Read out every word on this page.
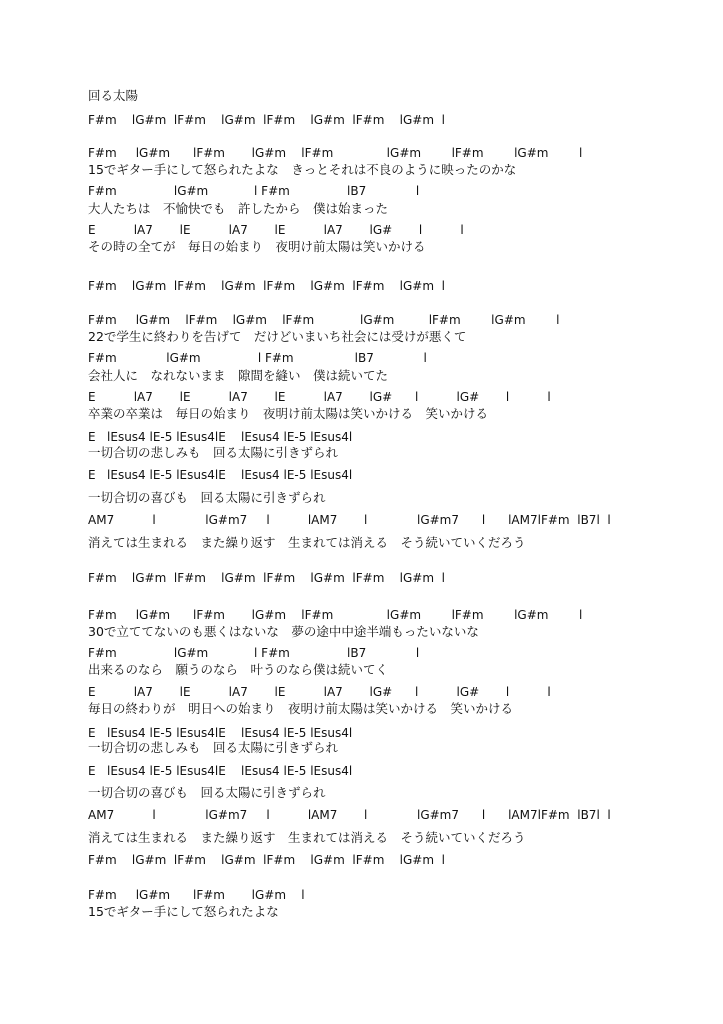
回る太陽
F#m    lG#m  lF#m    lG#m  lF#m    lG#m  lF#m    lG#m  l
F#m     lG#m      lF#m       lG#m    lF#m              lG#m        lF#m        lG#m        l
15でギター手にして怒られたよな　きっとそれは不良のように映ったのかな
F#m               lG#m            l F#m               lB7             l
大人たちは　不愉快でも　許したから　僕は始まった
E          lA7       lE          lA7       lE          lA7       lG#       l          l
その時の全てが　毎日の始まり　夜明け前太陽は笑いかける
F#m    lG#m  lF#m    lG#m  lF#m    lG#m  lF#m    lG#m  l
F#m     lG#m    lF#m    lG#m    lF#m            lG#m         lF#m        lG#m        l
22で学生に終わりを告げて　だけどいまいち社会には受けが悪くて
F#m             lG#m               l F#m                lB7             l
会社人に　なれないまま　隙間を縫い　僕は続いてた
E          lA7       lE          lA7       lE          lA7       lG#      l          lG#       l          l
卒業の卒業は　毎日の始まり　夜明け前太陽は笑いかける　笑いかける
E   lEsus4 lE-5 lEsus4lE    lEsus4 lE-5 lEsus4l
一切合切の悲しみも　回る太陽に引きずられ
E   lEsus4 lE-5 lEsus4lE    lEsus4 lE-5 lEsus4l
一切合切の喜びも　回る太陽に引きずられ
AM7          l             lG#m7     l          lAM7       l             lG#m7      l      lAM7lF#m  lB7l  l
消えては生まれる　また繰り返す　生まれては消える　そう続いていくだろう
F#m    lG#m  lF#m    lG#m  lF#m    lG#m  lF#m    lG#m  l
F#m     lG#m      lF#m       lG#m    lF#m              lG#m        lF#m        lG#m        l
30で立ててないのも悪くはないな　夢の途中中途半端もったいないな
F#m               lG#m            l F#m               lB7             l
出来るのなら　願うのなら　叶うのなら僕は続いてく
E          lA7       lE          lA7       lE          lA7       lG#      l          lG#       l          l
毎日の終わりが　明日への始まり　夜明け前太陽は笑いかける　笑いかける
E   lEsus4 lE-5 lEsus4lE    lEsus4 lE-5 lEsus4l
一切合切の悲しみも　回る太陽に引きずられ
E   lEsus4 lE-5 lEsus4lE    lEsus4 lE-5 lEsus4l
一切合切の喜びも　回る太陽に引きずられ
AM7          l             lG#m7     l          lAM7       l             lG#m7      l      lAM7lF#m  lB7l  l
消えては生まれる　また繰り返す　生まれては消える　そう続いていくだろう
F#m    lG#m  lF#m    lG#m  lF#m    lG#m  lF#m    lG#m  l
F#m     lG#m      lF#m       lG#m    l
15でギター手にして怒られたよな
